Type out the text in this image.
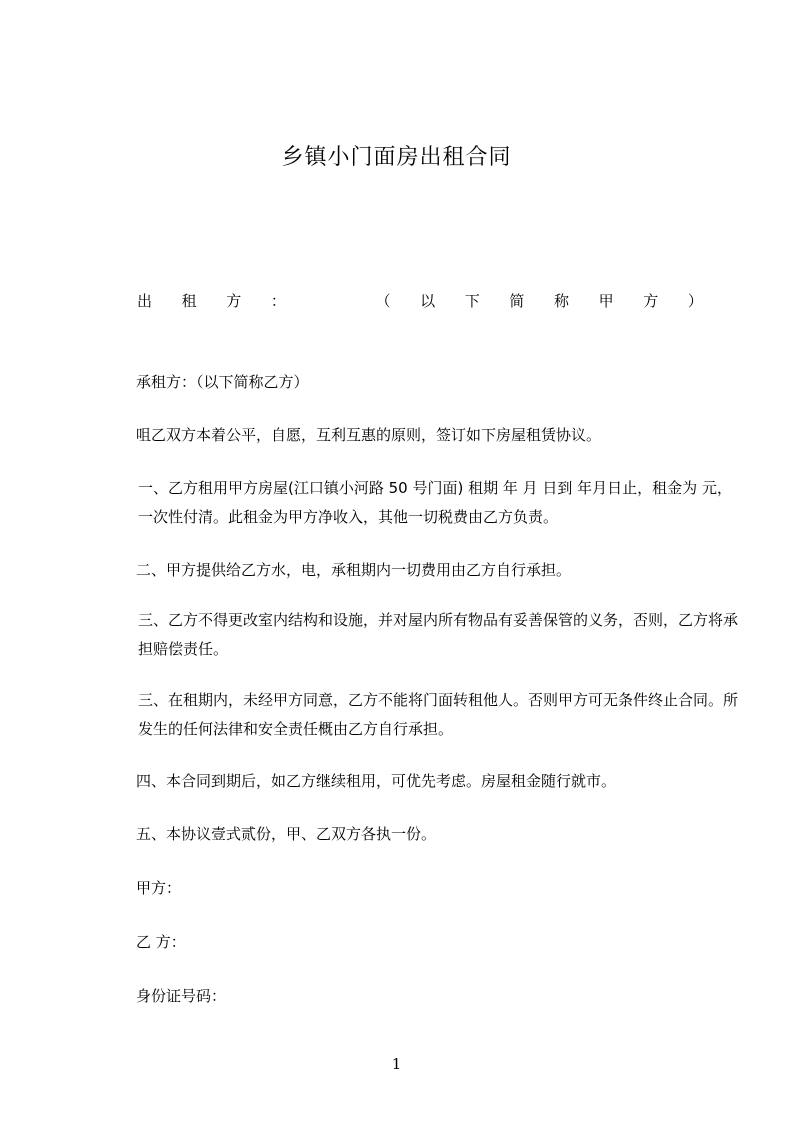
乡镇小门面房出租合同
出 租 方 ：	（ 以 下 简 称 甲 方 ）

承租方：（以下简称乙方）

咀乙双方本着公平，自愿，互利互惠的原则，签订如下房屋租赁协议。

一、乙方租用甲方房屋(江口镇小河路 50 号门面) 租期 年 月 日到 年月日止，租金为 元，一次性付清。此租金为甲方净收入，其他一切税费由乙方负责。

二、甲方提供给乙方水，电，承租期内一切费用由乙方自行承担。

三、乙方不得更改室内结构和设施，并对屋内所有物品有妥善保管的义务，否则，乙方将承担赔偿责任。

三、在租期内，未经甲方同意，乙方不能将门面转租他人。否则甲方可无条件终止合同。所发生的任何法律和安全责任概由乙方自行承担。

四、本合同到期后，如乙方继续租用，可优先考虑。房屋租金随行就市。

五、本协议壹式贰份，甲、乙双方各执一份。

甲方：

乙 方：

身份证号码：

1
